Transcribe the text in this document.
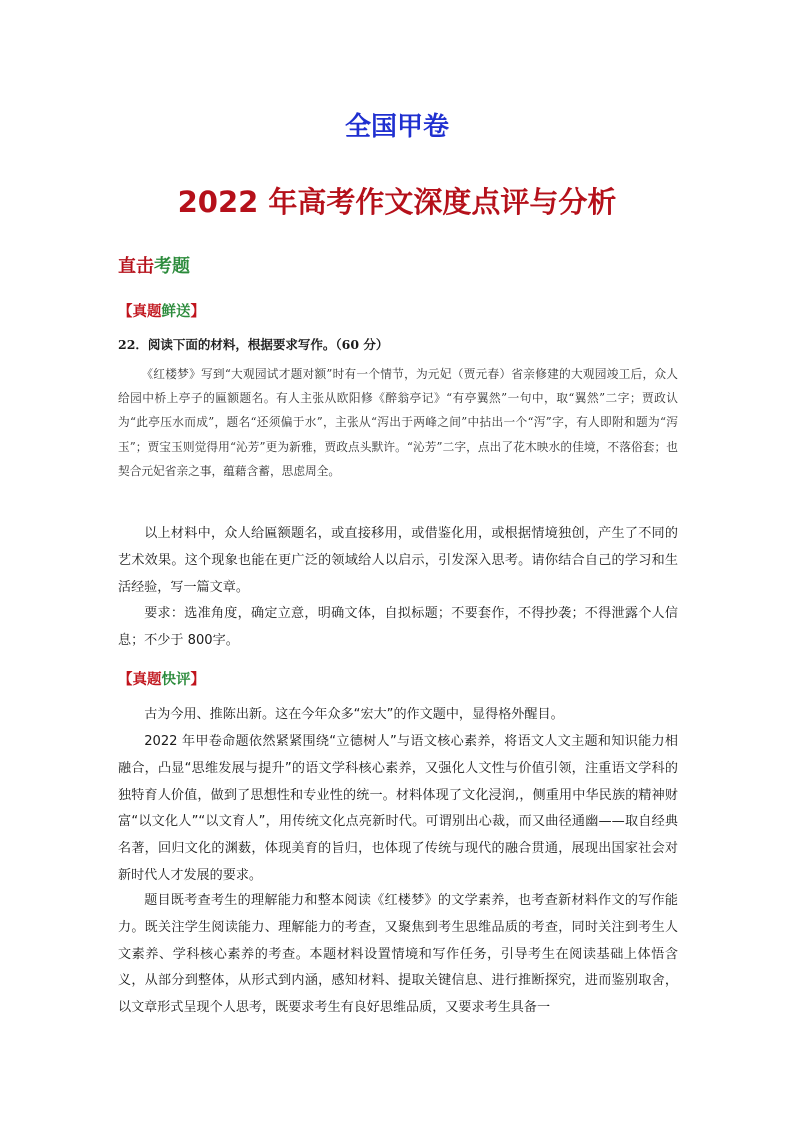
全国甲卷
2022 年高考作文深度点评与分析
直击考题
【真题鲜送】
22．阅读下面的材料，根据要求写作。（60 分）
《红楼梦》写到“大观园试才题对额”时有一个情节，为元妃（贾元春）省亲修建的大观园竣工后，众人给园中桥上亭子的匾额题名。有人主张从欧阳修《醉翁亭记》“有亭翼然”一句中，取“翼然”二字；贾政认为“此亭压水而成”，题名“还须偏于水”，主张从“泻出于两峰之间”中拈出一个“泻”字，有人即附和题为“泻玉”；贾宝玉则觉得用“沁芳”更为新雅，贾政点头默许。“沁芳”二字，点出了花木映水的佳境，不落俗套；也契合元妃省亲之事，蕴藉含蓄，思虑周全。
以上材料中，众人给匾额题名，或直接移用，或借鉴化用，或根据情境独创，产生了不同的艺术效果。这个现象也能在更广泛的领域给人以启示，引发深入思考。请你结合自己的学习和生活经验，写一篇文章。
要求：选准角度，确定立意，明确文体，自拟标题；不要套作，不得抄袭；不得泄露个人信息；不少于 800字。
【真题快评】
古为今用、推陈出新。这在今年众多“宏大”的作文题中，显得格外醒目。
2022 年甲卷命题依然紧紧围绕“立德树人”与语文核心素养，将语文人文主题和知识能力相融合，凸显“思维发展与提升”的语文学科核心素养，又强化人文性与价值引领，注重语文学科的独特育人价值，做到了思想性和专业性的统一。材料体现了文化浸润,，侧重用中华民族的精神财富“以文化人”“以文育人”，用传统文化点亮新时代。可谓别出心裁，而又曲径通幽——取自经典名著，回归文化的渊薮，体现美育的旨归，也体现了传统与现代的融合贯通，展现出国家社会对新时代人才发展的要求。
题目既考查考生的理解能力和整本阅读《红楼梦》的文学素养，也考查新材料作文的写作能力。既关注学生阅读能力、理解能力的考查，又聚焦到考生思维品质的考查，同时关注到考生人文素养、学科核心素养的考查。本题材料设置情境和写作任务，引导考生在阅读基础上体悟含义，从部分到整体，从形式到内涵，感知材料、提取关键信息、进行推断探究，进而鉴别取舍，以文章形式呈现个人思考，既要求考生有良好思维品质，又要求考生具备一
